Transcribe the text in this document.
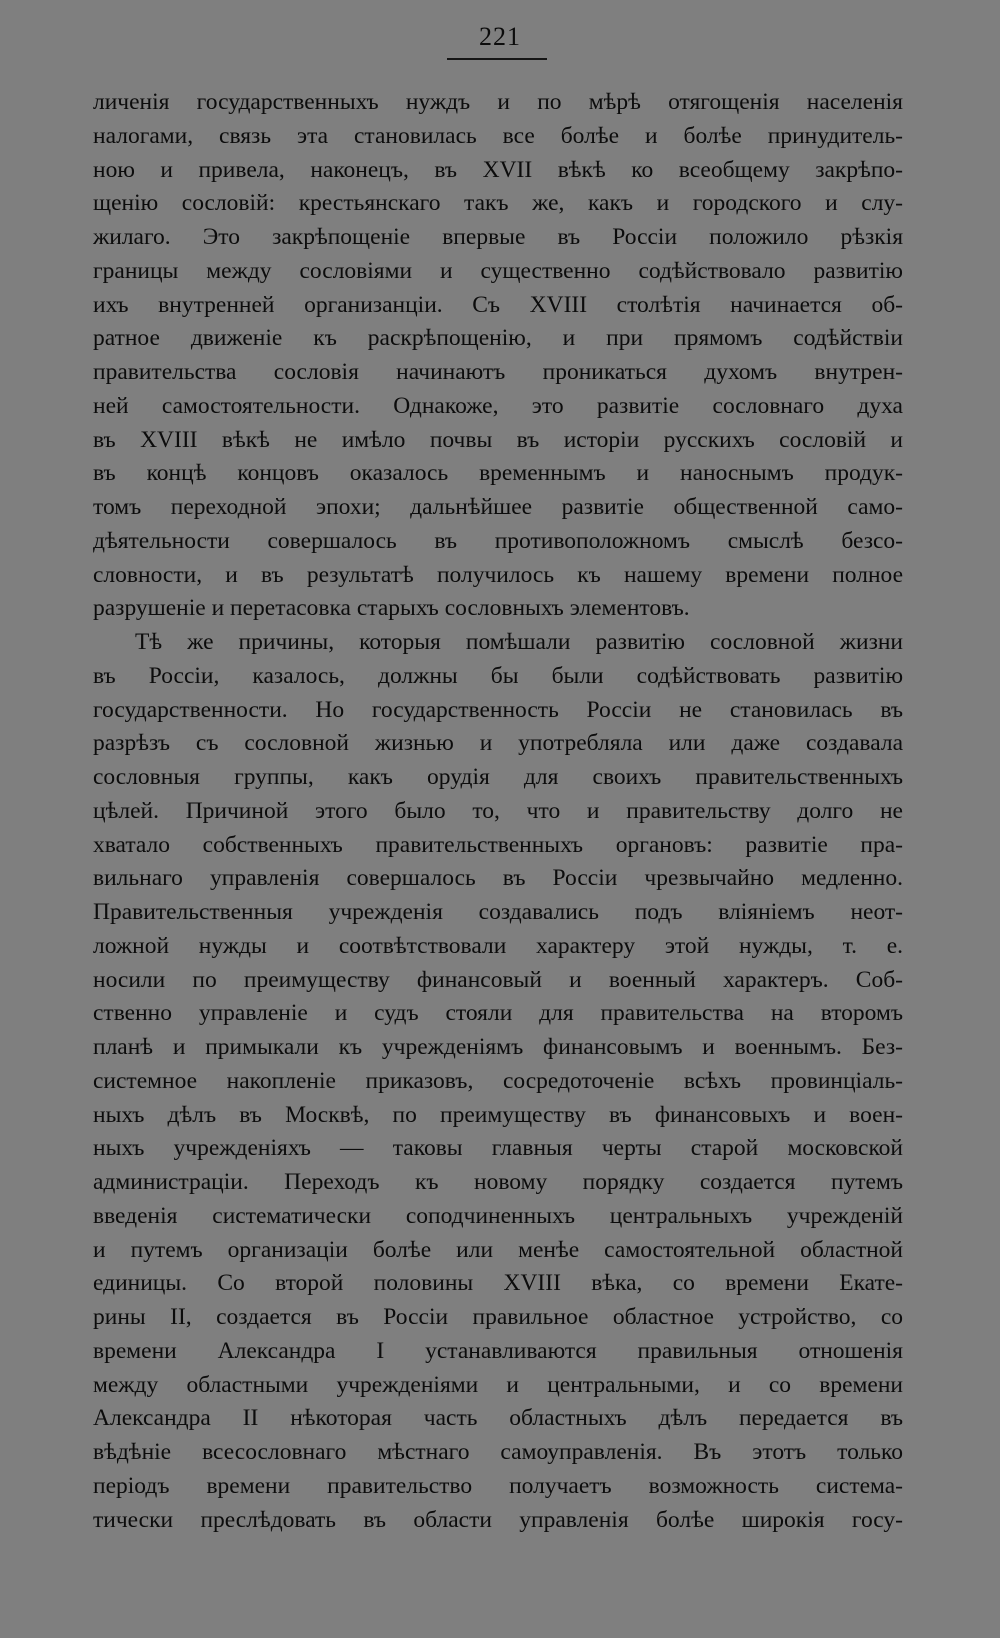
221
личенія государственныхъ нуждъ и по мѣрѣ отягощенія населенія
налогами, связь эта становилась все болѣе и болѣе принудитель-
ною и привела, наконецъ, въ XVII вѣкѣ ко всеобщему закрѣпо-
щенію сословій: крестьянскаго такъ же, какъ и городского и слу-
жилаго. Это закрѣпощеніе впервые въ Россіи положило рѣзкія
границы между сословіями и существенно содѣйствовало развитію
ихъ внутренней организанціи. Съ XVIII столѣтія начинается об-
ратное движеніе къ раскрѣпощенію, и при прямомъ содѣйствіи
правительства сословія начинаютъ проникаться духомъ внутрен-
ней самостоятельности. Однакоже, это развитіе сословнаго духа
въ XVIII вѣкѣ не имѣло почвы въ исторіи русскихъ сословій и
въ концѣ концовъ оказалось временнымъ и наноснымъ продук-
томъ переходной эпохи; дальнѣйшее развитіе общественной само-
дѣятельности совершалось въ противоположномъ смыслѣ безсо-
словности, и въ результатѣ получилось къ нашему времени полное
разрушеніе и перетасовка старыхъ сословныхъ элементовъ.
Тѣ же причины, которыя помѣшали развитію сословной жизни
въ Россіи, казалось, должны бы были содѣйствовать развитію
государственности. Но государственность Россіи не становилась въ
разрѣзъ съ сословной жизнью и употребляла или даже создавала
сословныя группы, какъ орудія для своихъ правительственныхъ
цѣлей. Причиной этого было то, что и правительству долго не
хватало собственныхъ правительственныхъ органовъ: развитіе пра-
вильнаго управленія совершалось въ Россіи чрезвычайно медленно.
Правительственныя учрежденія создавались подъ вліяніемъ неот-
ложной нужды и соотвѣтствовали характеру этой нужды, т. е.
носили по преимуществу финансовый и военный характеръ. Соб-
ственно управленіе и судъ стояли для правительства на второмъ
планѣ и примыкали къ учрежденіямъ финансовымъ и военнымъ. Без-
системное накопленіе приказовъ, сосредоточеніе всѣхъ провинціаль-
ныхъ дѣлъ въ Москвѣ, по преимуществу въ финансовыхъ и воен-
ныхъ учрежденіяхъ — таковы главныя черты старой московской
администраціи. Переходъ къ новому порядку создается путемъ
введенія систематически соподчиненныхъ центральныхъ учрежденій
и путемъ организаціи болѣе или менѣе самостоятельной областной
единицы. Со второй половины XVIII вѣка, со времени Екате-
рины II, создается въ Россіи правильное областное устройство, со
времени Александра I устанавливаются правильныя отношенія
между областными учрежденіями и центральными, и со времени
Александра II нѣкоторая часть областныхъ дѣлъ передается въ
вѣдѣніе всесословнаго мѣстнаго самоуправленія. Въ этотъ только
періодъ времени правительство получаетъ возможность система-
тически преслѣдовать въ области управленія болѣе широкія госу-
